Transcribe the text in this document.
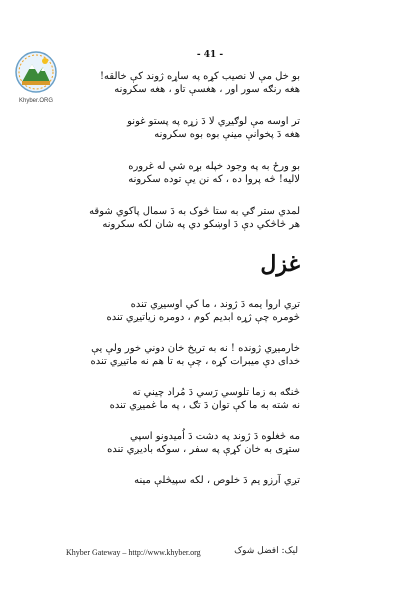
Khyber.ORG
- 41 -
بو خل مې لا نصيب كړه په ساړه ژوند كې خالقه!
هغه رنګه سور اور ، هغسې تاو ، هغه سكرونه
تر اوسه مې لوګيږي لا دَ زړه په پستو غونو
هغه دَ پخوانې مينې بوه بوه سكرونه
بو ورځ به په وجود خپله بړه شي له غروره
لاليه! څه پروا ده ، كه نن يې توده سكرونه
لمدي ستر ګي به ستا څوک به دَ سمال پاكوي شوقه
هر څاڅكي دې دَ اوښكو دي په شان لكه سكرونه
غزل
تږي اروا يمه دَ ژوند ، ما كي اوسيږي تنده
څومره چې ژړه ابديم كوم ، دومره زياتيږي تنده
خارميږي ژونده ! نه به تريخ خان دوني خور ولې يې
خداى دې ميبرات كړه ، چې به تا هم نه ماتيږي تنده
څنګه به زما تلوسي رَسي دَ مُراد چيني ته
نه شته به ما كې توان دَ تګ ، په ما غميږي تنده
مه څغلوه دَ ژوند په دشت دَ اُميدونو اسپي
ستړى به خان كړې په سفر ، سوكه باديږي تنده
تږي آرزو يم دَ خلوص ، لكه سپيڅلې مينه
Khyber Gateway – http://www.khyber.org	ليک: افضل شوک
